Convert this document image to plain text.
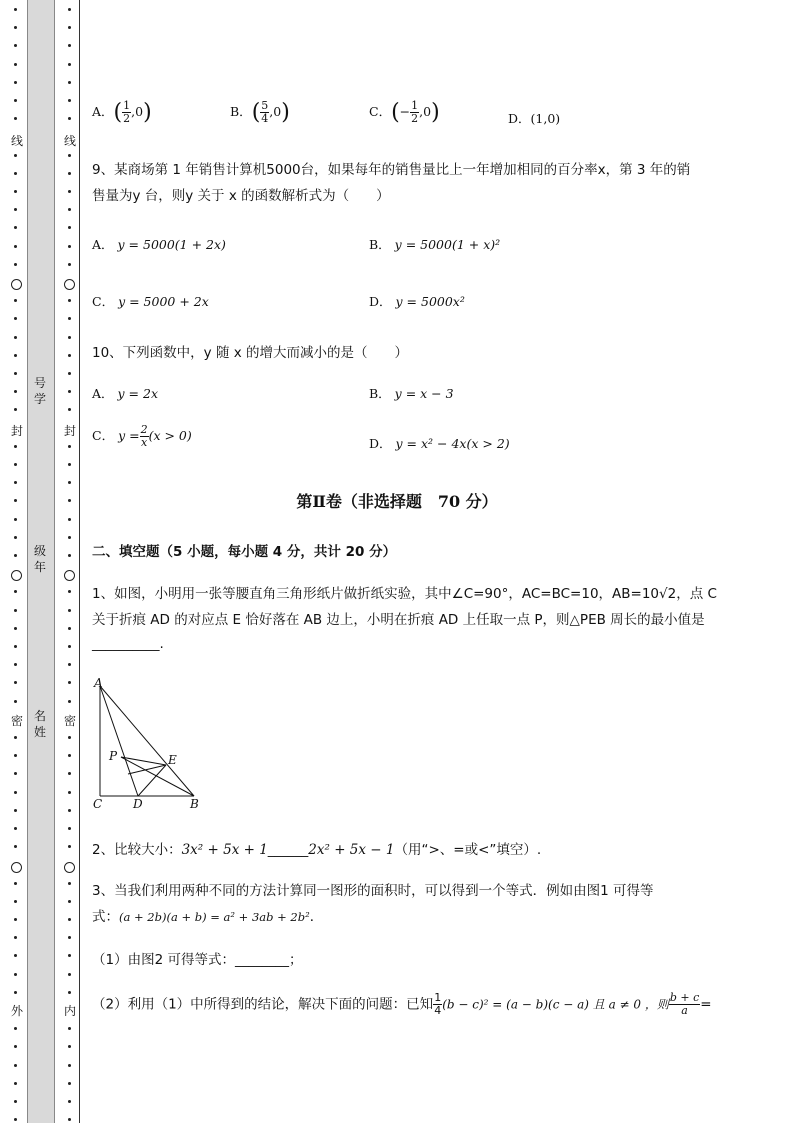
线
封
密
外
线
封
密
内
号学
级年
名姓
A．( $\frac{1}{2} ,0$)	B．( $\frac{5}{4} ,0$)	C．(− $\frac{1}{2} ,0$)	D．(1,0)
9、某商场第 1 年销售计算机5000台，如果每年的销售量比上一年增加相同的百分率x，第 3 年的销
售量为y 台，则y 关于 x 的函数解析式为（　　）
A． y = 5000(1 + 2x)	B． y = 5000(1 + x)²
C． y = 5000 + 2x	D． y = 5000x²
10、下列函数中，y 随 x 的增大而减小的是（　　）
A． y = 2x	B． y = x − 3
C． $y = \frac{2}{x} (x > 0)$
D． y = x² − 4x(x > 2)
第Ⅱ卷（非选择题　70 分）
二、填空题（5 小题，每小题 4 分，共计 20 分）
1、如图，小明用一张等腰直角三角形纸片做折纸实验，其中∠C=90°，AC=BC=10，AB=10√2，点 C
关于折痕 AD 的对应点 E 恰好落在 AB 边上，小明在折痕 AD 上任取一点 P，则△PEB 周长的最小值是
__________.
A
P	E
C	D	B
2、比较大小：3x² + 5x + 1______2x² + 5x − 1（用“>、=或<”填空）.
3、当我们利用两种不同的方法计算同一图形的面积时，可以得到一个等式．例如由图1 可得等
式：(a + 2b)(a + b) = a² + 3ab + 2b²．
（1）由图2 可得等式：________；
（2）利用（1）中所得到的结论，解决下面的问题：已知 $\frac{1}{4} (b - c)^2 = (a - b)(c - a)$ 且 a ≠ 0 ，则 $\frac{b + c}{a}$ =
